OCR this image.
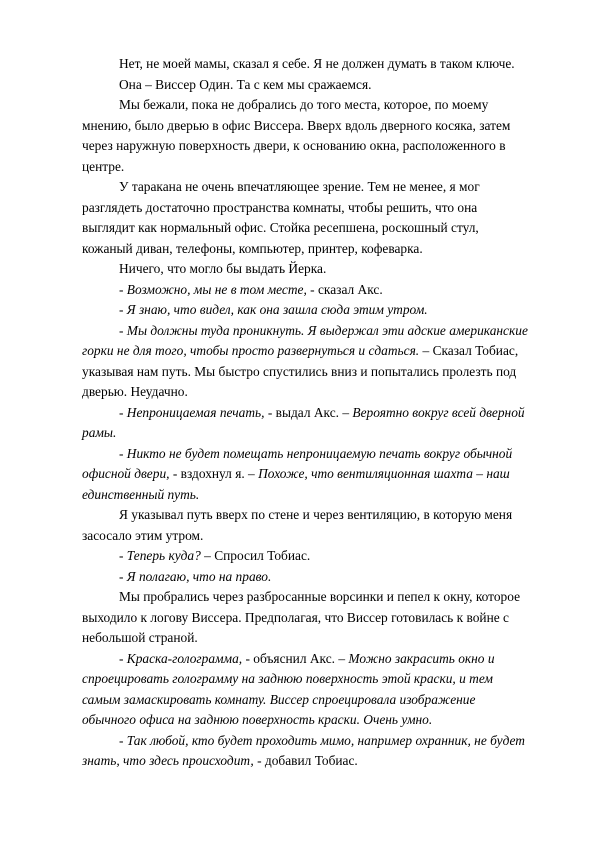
Нет, не моей мамы, сказал я себе. Я не должен думать в таком ключе.
Она – Виссер Один. Та с кем мы сражаемся.
Мы бежали, пока не добрались до того места, которое, по моему
мнению, было дверью в офис Виссера. Вверх вдоль дверного косяка, затем
через наружную поверхность двери, к основанию окна, расположенного в
центре.
У таракана не очень впечатляющее зрение. Тем не менее, я мог
разглядеть достаточно пространства комнаты, чтобы решить, что она
выглядит как нормальный офис. Стойка ресепшена, роскошный стул,
кожаный диван, телефоны, компьютер, принтер, кофеварка.
Ничего, что могло бы выдать Йерка.
- Возможно, мы не в том месте, - сказал Акс.
- Я знаю, что видел, как она зашла сюда этим утром.
- Мы должны туда проникнуть. Я выдержал эти адские американские
горки не для того, чтобы просто развернуться и сдаться. – Сказал Тобиас,
указывая нам путь. Мы быстро спустились вниз и попытались пролезть под
дверью. Неудачно.
- Непроницаемая печать, - выдал Акс. – Вероятно вокруг всей дверной
рамы.
- Никто не будет помещать непроницаемую печать вокруг обычной
офисной двери, - вздохнул я. – Похоже, что вентиляционная шахта – наш
единственный путь.
Я указывал путь вверх по стене и через вентиляцию, в которую меня
засосало этим утром.
- Теперь куда? – Спросил Тобиас.
- Я полагаю, что на право.
Мы пробрались через разбросанные ворсинки и пепел к окну, которое
выходило к логову Виссера. Предполагая, что Виссер готовилась к войне с
небольшой страной.
- Краска-голограмма, - объяснил Акс. – Можно закрасить окно и
спроецировать голограмму на заднюю поверхность этой краски, и тем
самым замаскировать комнату. Виссер спроецировала изображение
обычного офиса на заднюю поверхность краски. Очень умно.
- Так любой, кто будет проходить мимо, например охранник, не будет
знать, что здесь происходит, - добавил Тобиас.
